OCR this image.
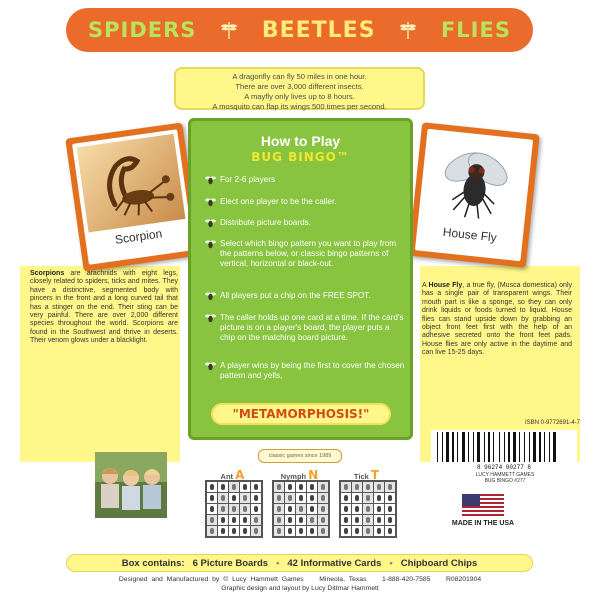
SPIDERS	BEETLES	FLIES
A dragonfly can fly 50 miles in one hour.
There are over 3,000 different insects.
A mayfly only lives up to 8 hours.
A mosquito can flap its wings 500 times per second.
Scorpion	House Fly
How to Play
BUG BINGO™
For 2-6 players
Elect one player to be the caller.
Distribute picture boards.
Select which bingo pattern you want to play from the patterns below, or classic bingo patterns of vertical, horizontal or black-out.
All players put a chip on the FREE SPOT.
The caller holds up one card at a time. If the card's picture is on a player's board, the player puts a chip on the matching board picture.
A player wins by being the first to cover the chosen pattern and yells,
"METAMORPHOSIS!"
Scorpions are arachnids with eight legs, closely related to spiders, ticks and mites. They have a distinctive, segmented body with pincers in the front and a long curved tail that has a stinger on the end. Their sting can be very painful. There are over 2,000 different species throughout the world. Scorpions are found in the Southwest and thrive in deserts. Their venom glows under a blacklight.
A House Fly, a true fly, (Musca domestica) only has a single pair of transparent wings. Their mouth part is like a sponge, so they can only drink liquids or foods turned to liquid. House flies can stand upside down by grabbing an object front feet first with the help of an adhesive secreted onto the front feet pads. House flies are only active in the daytime and can live 15-25 days.
ISBN 0-9772691-4-7
8 96274 00277 8
LUCY HAMMETT GAMES
BUG BINGO #277
classic games since 1989
Ant A	Nymph N	Tick T
MADE IN THE USA
Box contains: 6 Picture Boards • 42 Informative Cards • Chipboard Chips
Designed and Manufactured by © Lucy Hammett Games Mineola, Texas 1-888-420-7585 R08201904
Graphic design and layout by Lucy Dittmar Hammett
